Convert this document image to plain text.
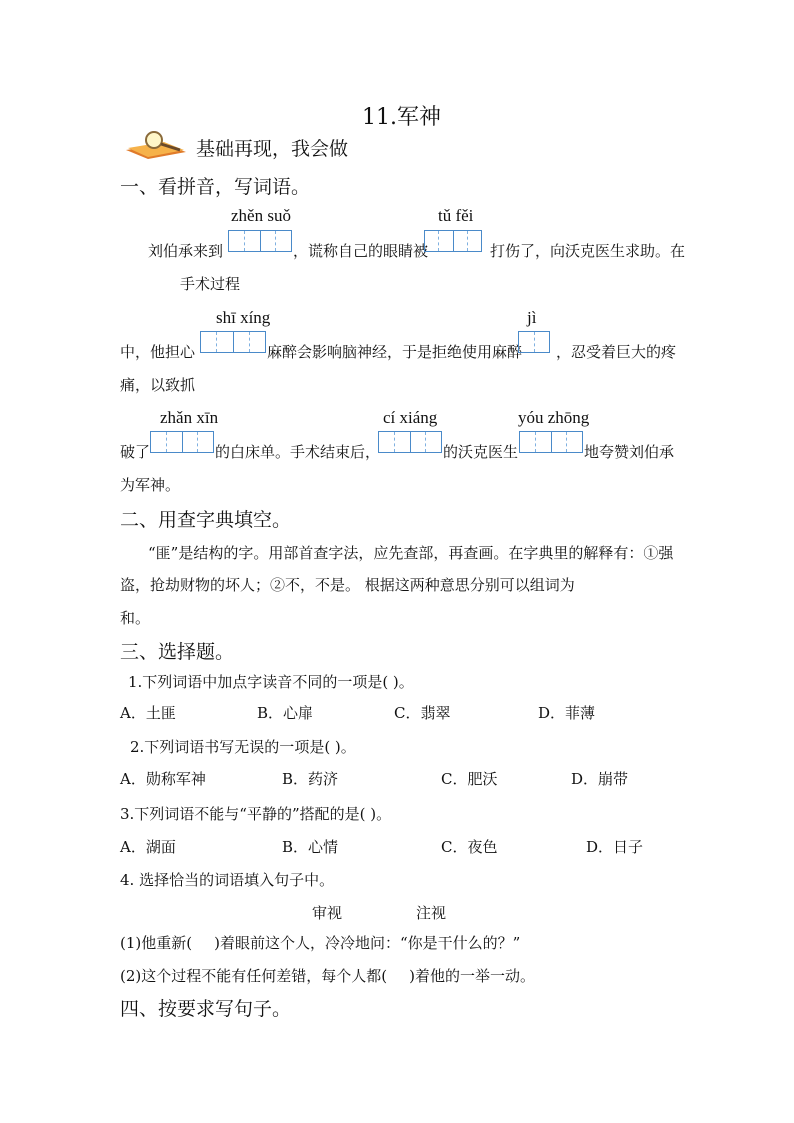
11.军神
基础再现，我会做
一、看拼音，写词语。
zhěn suǒ	tǔ fěi
刘伯承来到	，谎称自己的眼睛被	打伤了，向沃克医生求助。在
手术过程
shī xíng	jì
中，他担心	麻醉会影响脑神经，于是拒绝使用麻醉 ，忍受着巨大的疼
痛，以致抓
zhǎn xīn	cí xiáng	yóu zhōng
破了	的白床单。手术结束后，	的沃克医生	地夸赞刘伯承
为军神。
二、用查字典填空。
“匪”是结构的字。用部首查字法，应先查部，再查画。在字典里的解释有：①强
盗，抢劫财物的坏人；②不，不是。 根据这两种意思分别可以组词为
和。
三、选择题。
1.下列词语中加点字读音不同的一项是( )。
A．土匪	B．心扉	C．翡翠	D．菲薄
2.下列词语书写无误的一项是( )。
A．勋称军神	B．药济	C．肥沃	D．崩带
3.下列词语不能与“平静的”搭配的是( )。
A．湖面	B．心情	C．夜色	D．日子
4. 选择恰当的词语填入句子中。
审视	注视
(1)他重新( )着眼前这个人，冷冷地问：“你是干什么的？”
(2)这个过程不能有任何差错，每个人都( )着他的一举一动。
四、按要求写句子。
